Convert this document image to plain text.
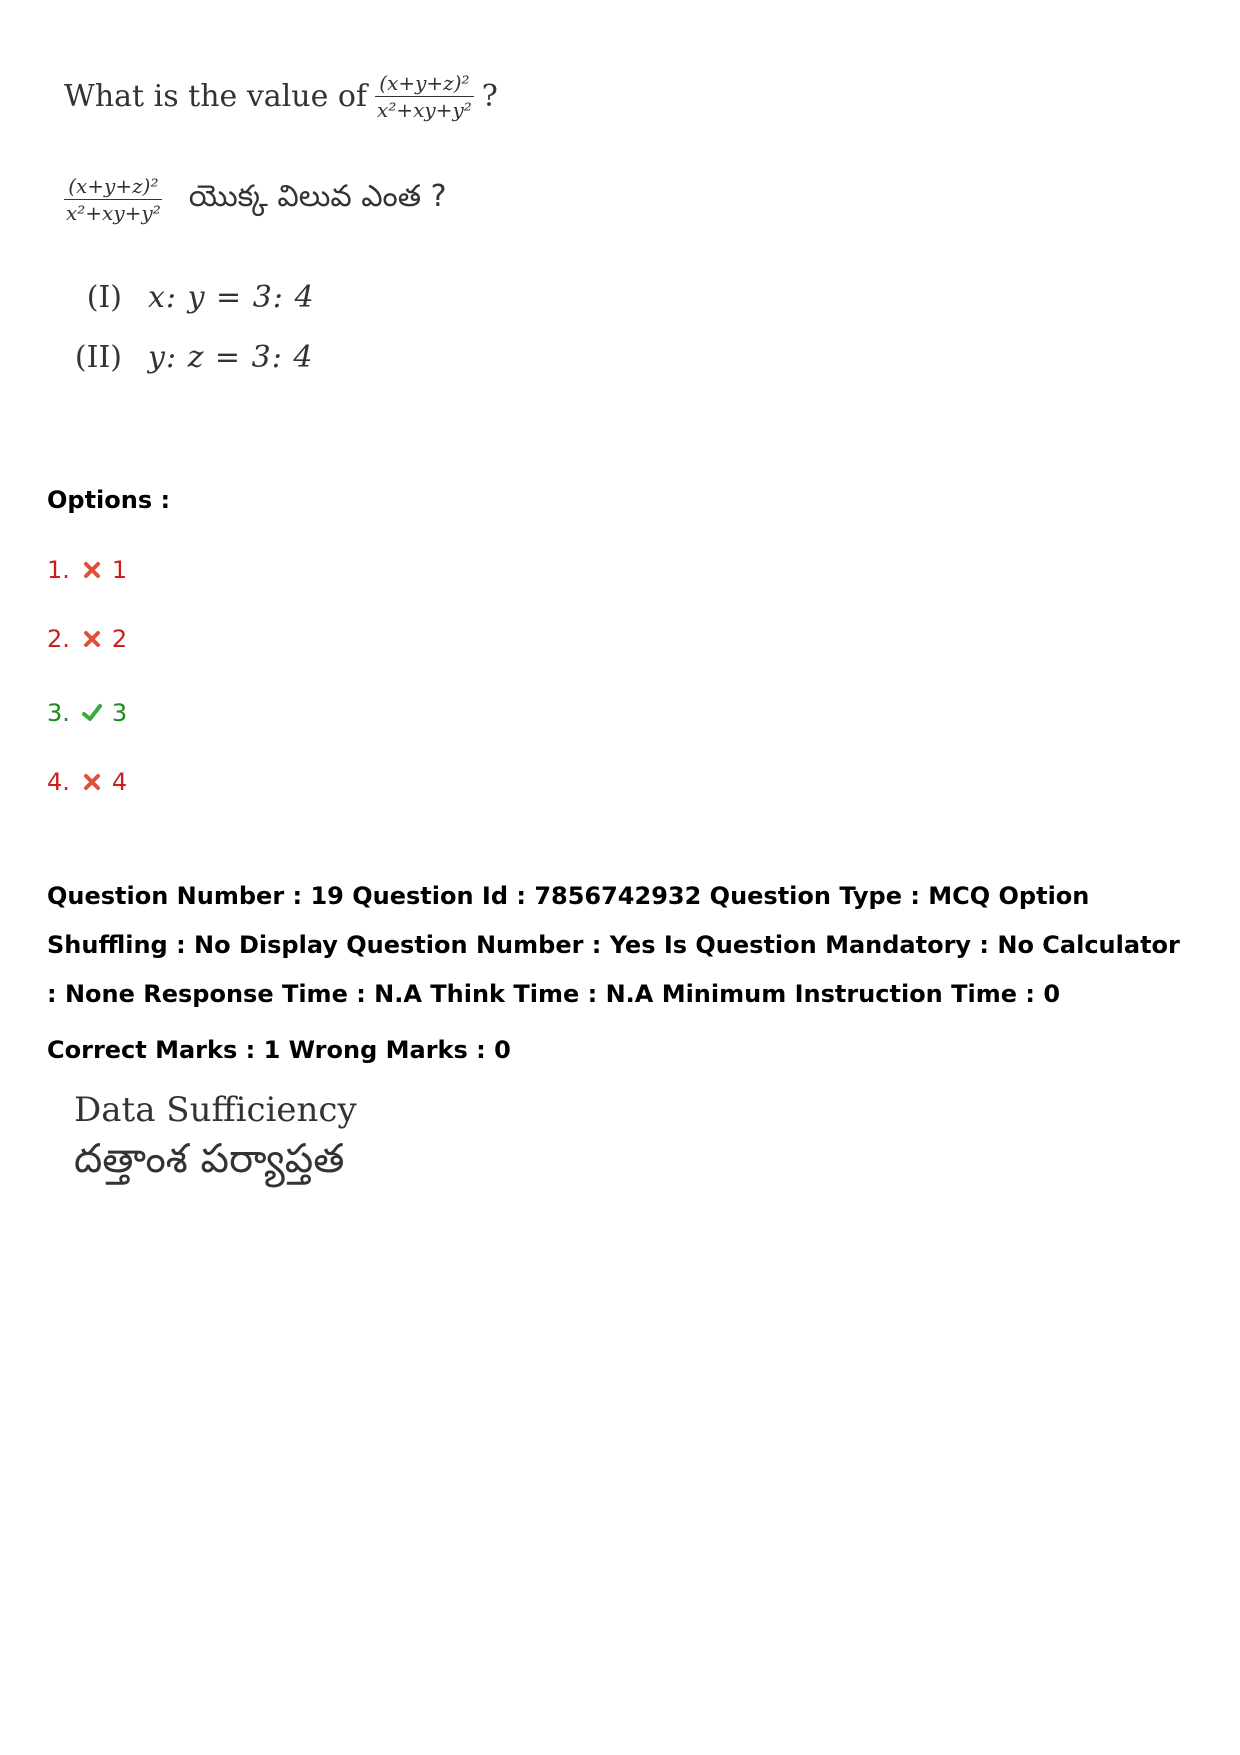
What is the value of $\frac{\text{(x+y+z)²}}{\text{x²+xy+y²}}$ ?
$\frac{\text{(x+y+z)²}}{\text{x²+xy+y²}}$ యొక్క విలువ ఎంత ?
(I) x: y = 3: 4
(II) y: z = 3: 4
Options :
1. 1
2. 2
3. 3
4. 4
Question Number : 19 Question Id : 7856742932 Question Type : MCQ Option Shuffling : No Display Question Number : Yes Is Question Mandatory : No Calculator : None Response Time : N.A Think Time : N.A Minimum Instruction Time : 0
Correct Marks : 1 Wrong Marks : 0
Data Sufficiency
దత్తాంశ పర్యాప్తత
